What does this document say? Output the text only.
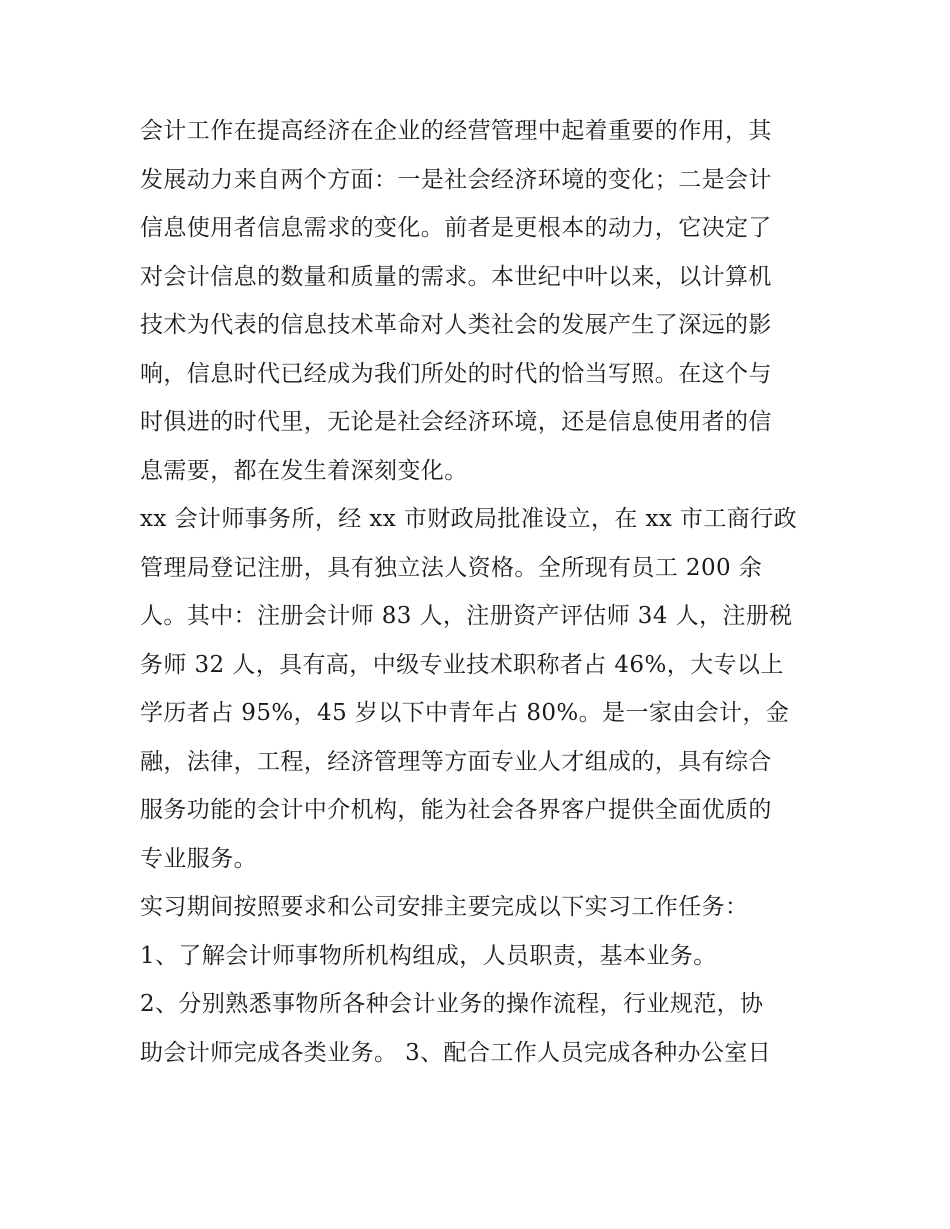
会计工作在提高经济在企业的经营管理中起着重要的作用，其
发展动力来自两个方面：一是社会经济环境的变化；二是会计
信息使用者信息需求的变化。前者是更根本的动力，它决定了
对会计信息的数量和质量的需求。本世纪中叶以来，以计算机
技术为代表的信息技术革命对人类社会的发展产生了深远的影
响，信息时代已经成为我们所处的时代的恰当写照。在这个与
时俱进的时代里，无论是社会经济环境，还是信息使用者的信
息需要，都在发生着深刻变化。
xx 会计师事务所，经 xx 市财政局批准设立，在 xx 市工商行政
管理局登记注册，具有独立法人资格。全所现有员工 200 余
人。其中：注册会计师 83 人，注册资产评估师 34 人，注册税
务师 32 人，具有高，中级专业技术职称者占 46%，大专以上
学历者占 95%，45 岁以下中青年占 80%。是一家由会计，金
融，法律，工程，经济管理等方面专业人才组成的，具有综合
服务功能的会计中介机构，能为社会各界客户提供全面优质的
专业服务。
实习期间按照要求和公司安排主要完成以下实习工作任务：
1、了解会计师事物所机构组成，人员职责，基本业务。
2、分别熟悉事物所各种会计业务的操作流程，行业规范，协
助会计师完成各类业务。 3、配合工作人员完成各种办公室日
